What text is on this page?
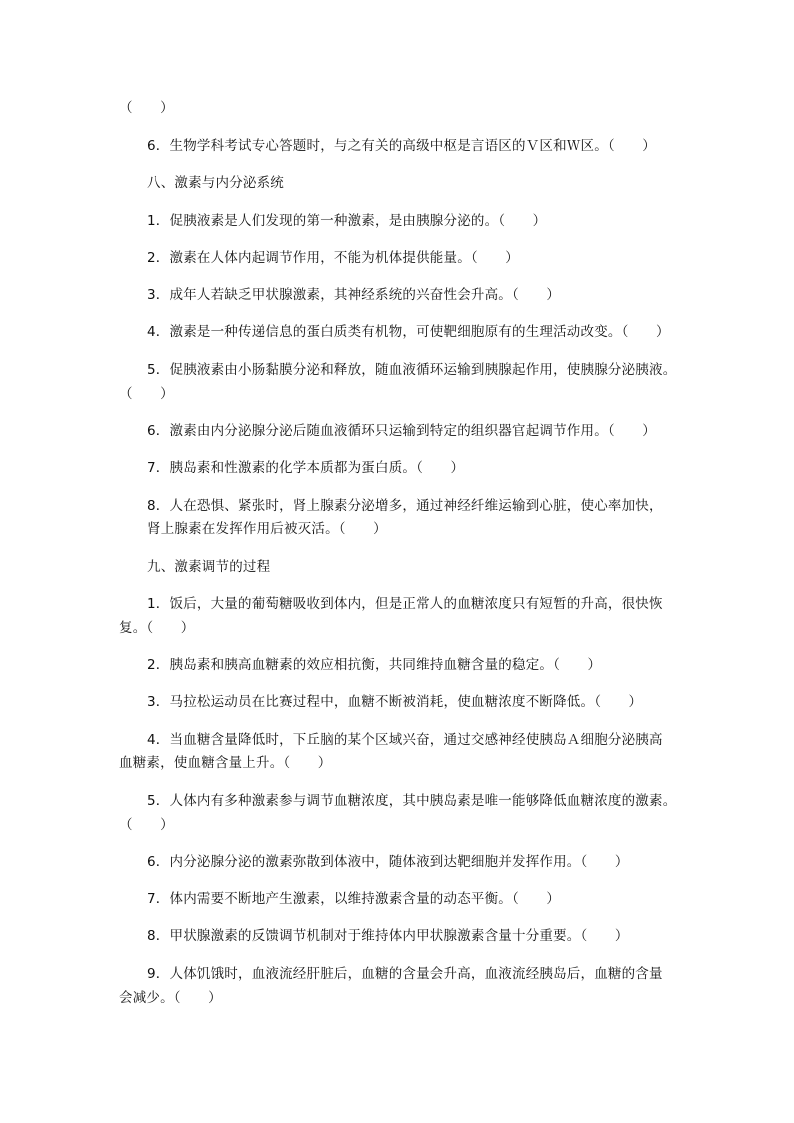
（　　）
6．生物学科考试专心答题时，与之有关的高级中枢是言语区的Ｖ区和Ｗ区。（　　）
八、激素与内分泌系统
1．促胰液素是人们发现的第一种激素，是由胰腺分泌的。（　　）
2．激素在人体内起调节作用，不能为机体提供能量。（　　）
3．成年人若缺乏甲状腺激素，其神经系统的兴奋性会升高。（　　）
4．激素是一种传递信息的蛋白质类有机物，可使靶细胞原有的生理活动改变。（　　）
5．促胰液素由小肠黏膜分泌和释放，随血液循环运输到胰腺起作用，使胰腺分泌胰液。
（　　）
6．激素由内分泌腺分泌后随血液循环只运输到特定的组织器官起调节作用。（　　）
7．胰岛素和性激素的化学本质都为蛋白质。（　　）
8．人在恐惧、紧张时，肾上腺素分泌增多，通过神经纤维运输到心脏，使心率加快，
肾上腺素在发挥作用后被灭活。（　　）
九、激素调节的过程
1．饭后，大量的葡萄糖吸收到体内，但是正常人的血糖浓度只有短暂的升高，很快恢
复。（　　）
2．胰岛素和胰高血糖素的效应相抗衡，共同维持血糖含量的稳定。（　　）
3．马拉松运动员在比赛过程中，血糖不断被消耗，使血糖浓度不断降低。（　　）
4．当血糖含量降低时，下丘脑的某个区域兴奋，通过交感神经使胰岛Ａ细胞分泌胰高
血糖素，使血糖含量上升。（　　）
5．人体内有多种激素参与调节血糖浓度，其中胰岛素是唯一能够降低血糖浓度的激素。
（　　）
6．内分泌腺分泌的激素弥散到体液中，随体液到达靶细胞并发挥作用。（　　）
7．体内需要不断地产生激素，以维持激素含量的动态平衡。（　　）
8．甲状腺激素的反馈调节机制对于维持体内甲状腺激素含量十分重要。（　　）
9．人体饥饿时，血液流经肝脏后，血糖的含量会升高，血液流经胰岛后，血糖的含量
会减少。（　　）
